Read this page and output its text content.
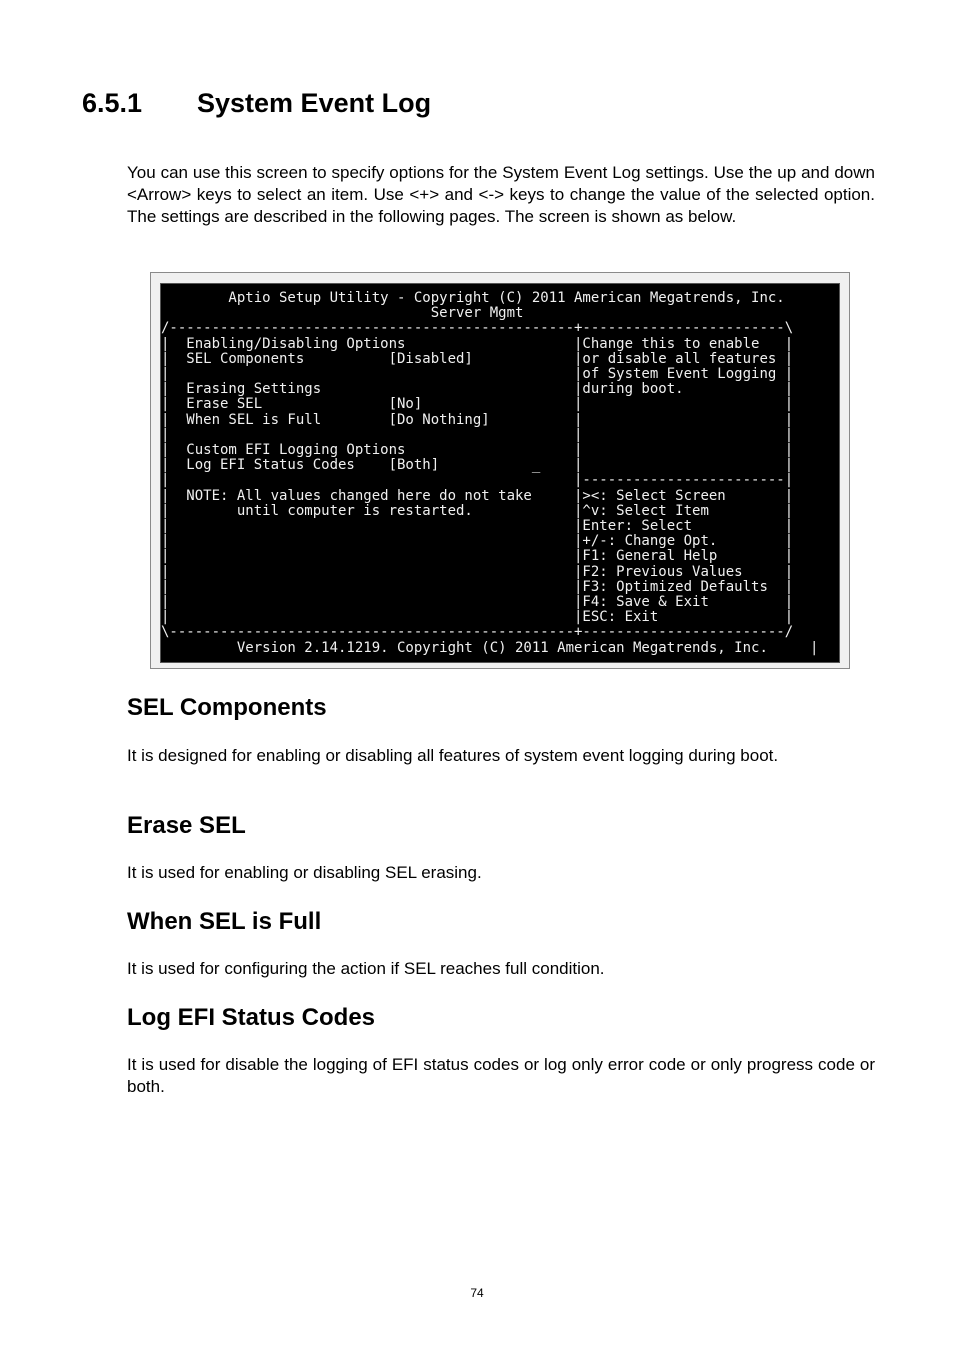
6.5.1 System Event Log

You can use this screen to specify options for the System Event Log settings. Use the up and down <Arrow> keys to select an item. Use <+> and <-> keys to change the value of the selected option. The settings are described in the following pages. The screen is shown as below.

Aptio Setup Utility - Copyright (C) 2011 American Megatrends, Inc.
Server Mgmt
/------------------------------------------------+------------------------\
|  Enabling/Disabling Options                    |Change this to enable   |
|  SEL Components          [Disabled]            |or disable all features |
|                                                |of System Event Logging |
|  Erasing Settings                              |during boot.            |
|  Erase SEL               [No]                  |                        |
|  When SEL is Full        [Do Nothing]          |                        |
|                                                |                        |
|  Custom EFI Logging Options                    |                        |
|  Log EFI Status Codes    [Both]           _    |                        |
|                                                |------------------------|
|  NOTE: All values changed here do not take     |><: Select Screen       |
|        until computer is restarted.            |^v: Select Item         |
|                                                |Enter: Select           |
|                                                |+/-: Change Opt.        |
|                                                |F1: General Help        |
|                                                |F2: Previous Values     |
|                                                |F3: Optimized Defaults  |
|                                                |F4: Save & Exit         |
|                                                |ESC: Exit               |
\------------------------------------------------+------------------------/
Version 2.14.1219. Copyright (C) 2011 American Megatrends, Inc.     |

SEL Components

It is designed for enabling or disabling all features of system event logging during boot.

Erase SEL

It is used for enabling or disabling SEL erasing.

When SEL is Full

It is used for configuring the action if SEL reaches full condition.

Log EFI Status Codes

It is used for disable the logging of EFI status codes or log only error code or only progress code or both.

74
